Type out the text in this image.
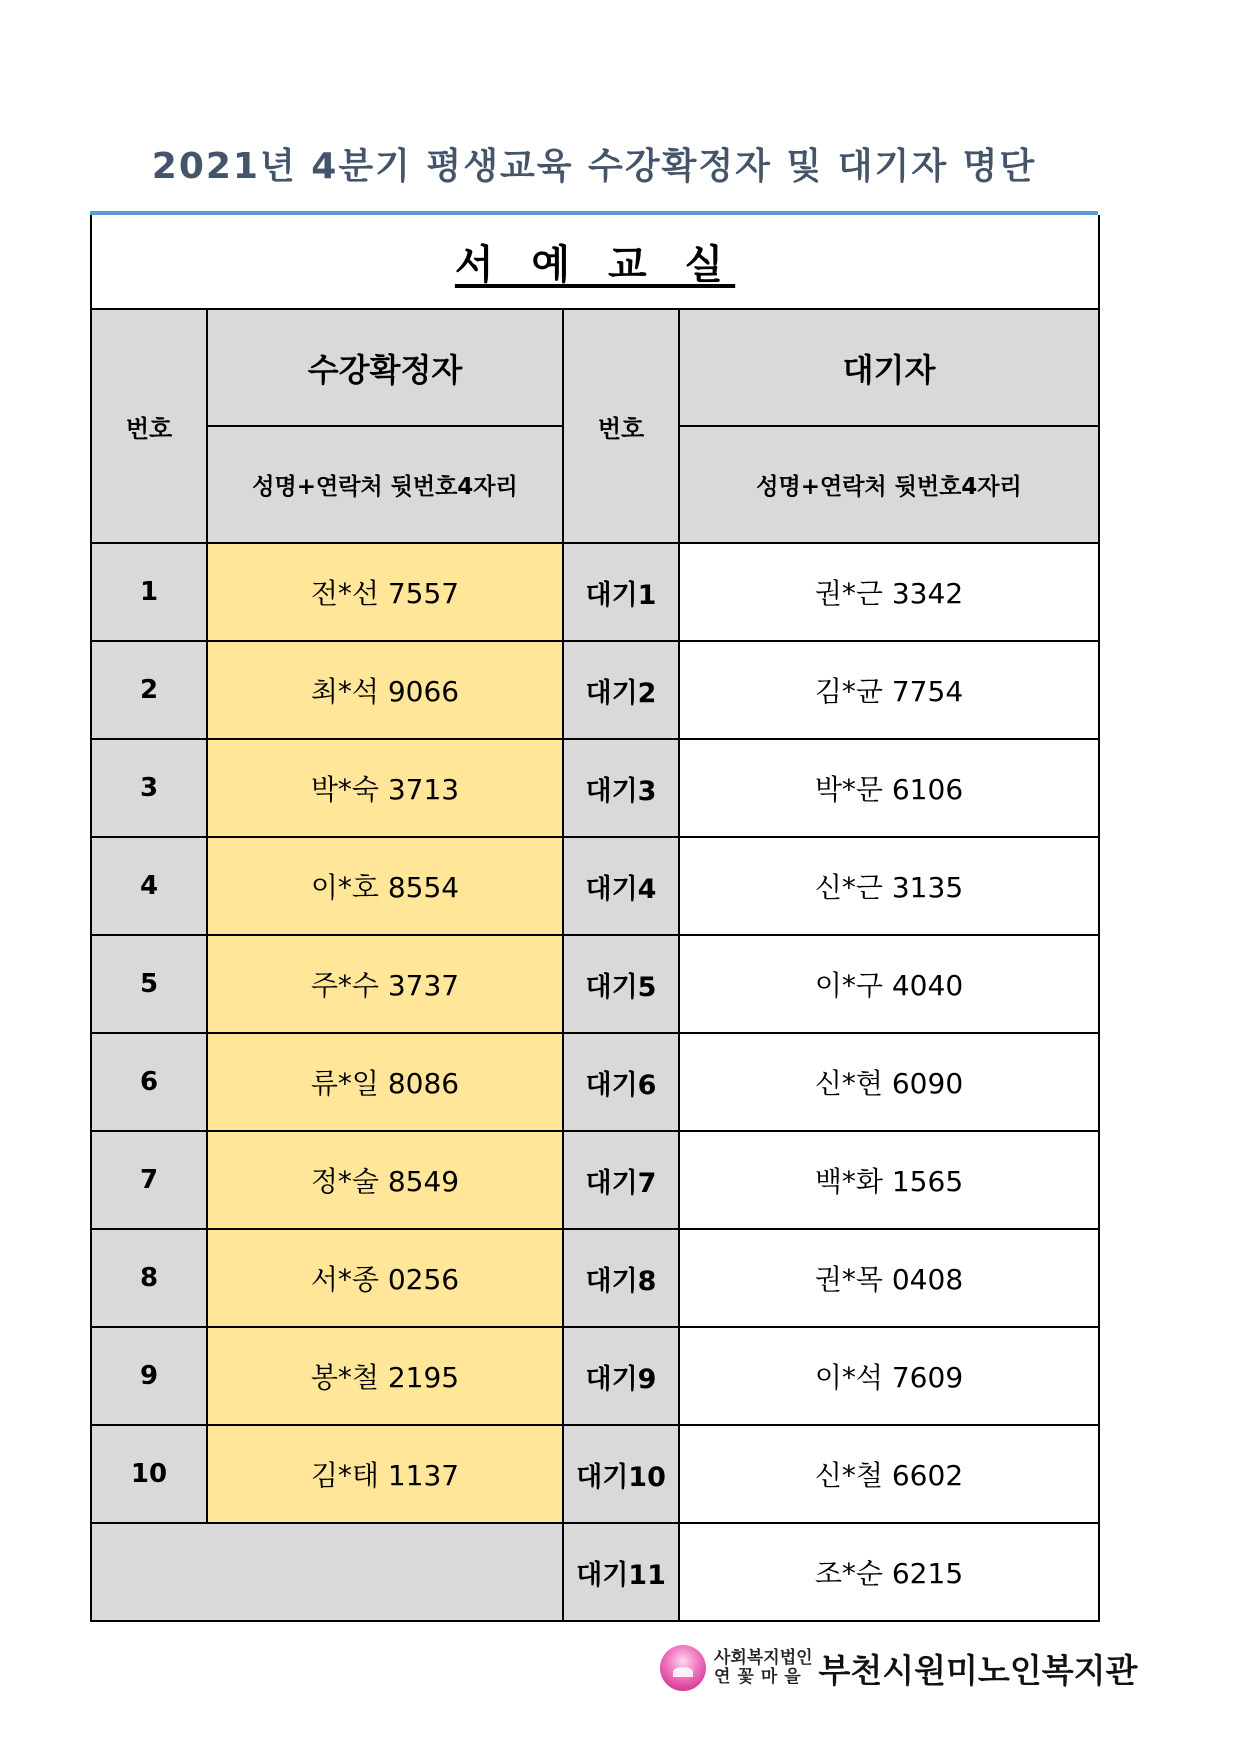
2021년 4분기 평생교육 수강확정자 및 대기자 명단
서 예 교 실			
번호	수강확정자	번호	대기자
	성명+연락처 뒷번호4자리		성명+연락처 뒷번호4자리
1	전*선 7557	대기1	권*근 3342
2	최*석 9066	대기2	김*균 7754
3	박*숙 3713	대기3	박*문 6106
4	이*호 8554	대기4	신*근 3135
5	주*수 3737	대기5	이*구 4040
6	류*일 8086	대기6	신*현 6090
7	정*술 8549	대기7	백*화 1565
8	서*종 0256	대기8	권*목 0408
9	봉*철 2195	대기9	이*석 7609
10	김*태 1137	대기10	신*철 6602
		대기11	조*순 6215
사회복지법인
연꽃마을 부천시원미노인복지관
